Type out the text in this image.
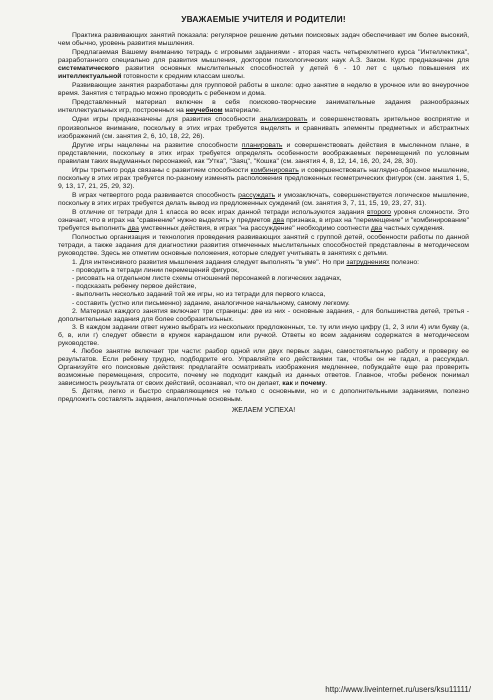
УВАЖАЕМЫЕ УЧИТЕЛЯ И РОДИТЕЛИ!

Практика развивающих занятий показала: регулярное решение детьми поисковых задач обеспечивает им более высокий, чем обычно, уровень развития мышления.

Предлагаемая Вашему вниманию тетрадь с игровыми заданиями - вторая часть четырехлетнего курса "Интеллектика", разработанного специально для развития мышления, доктором психологических наук А.З. Заком. Курс предназначен для систематического развития основных мыслительных способностей у детей 6 - 10 лет с целью повышения их интеллектуальной готовности к средним классам школы.

Развивающие занятия разработаны для групповой работы в школе: одно занятие в неделю в урочное или во внеурочное время. Занятия с тетрадью можно проводить с ребенком и дома.

Представленный материал включен в себя поисково-творческие занимательные задания разнообразных интеллектуальных игр, построенных на неучебном материале.

Одни игры предназначены для развития способности анализировать и совершенствовать зрительное восприятие и произвольное внимание, поскольку в этих играх требуется выделять и сравнивать элементы предметных и абстрактных изображений (см. занятия 2, 6, 10, 18, 22, 26).

Другие игры нацелены на развитие способности планировать и совершенствовать действия в мысленном плане, в представлении, поскольку в этих играх требуется определять особенности воображаемых перемещений по условным правилам таких выдуманных персонажей, как "Утка", "Заяц", "Кошка" (см. занятия 4, 8, 12, 14, 16, 20, 24, 28, 30).

Игры третьего рода связаны с развитием способности комбинировать и совершенствовать наглядно-образное мышление, поскольку в этих играх требуется по-разному изменять расположения предложенных геометрических фигурок (см. занятия 1, 5, 9, 13, 17, 21, 25, 29, 32).

В играх четвертого рода развивается способность рассуждать и умозаключать, совершенствуется логическое мышление, поскольку в этих играх требуется делать вывод из предложенных суждений (см. занятия 3, 7, 11, 15, 19, 23, 27, 31).

В отличие от тетради для 1 класса во всех играх данной тетради используются задания второго уровня сложности. Это означает, что в играх на "сравнение" нужно выделять у предметов два признака, в играх на "перемещение" и "комбинирование" требуется выполнить два умственных действия, в играх "на рассуждение" необходимо соотнести два частных суждения.

Полностью организация и технология проведения развивающих занятий с группой детей, особенности работы по данной тетради, а также задания для диагностики развития отмеченных мыслительных способностей представлены в методическом руководстве. Здесь же отметим основные положения, которые следует учитывать в занятиях с детьми.

1. Для интенсивного развития мышления задания следует выполнять "в уме". Но при затруднениях полезно:

- проводить в тетради линии перемещений фигурок,
- рисовать на отдельном листе схемы отношений персонажей в логических задачах,
- подсказать ребенку первое действие,
- выполнить несколько заданий той же игры, но из тетради для первого класса,
- составить (устно или письменно) задание, аналогичное начальному, самому легкому.

2. Материал каждого занятия включает три страницы: две из них - основные задания, - для большинства детей, третья - дополнительные задания для более сообразительных.

3. В каждом задании ответ нужно выбрать из нескольких предложенных, т.е. ту или иную цифру (1, 2, 3 или 4) или букву (а, б, в, или г) следует обвести в кружок карандашом или ручкой. Ответы ко всем заданиям содержатся в методическом руководстве.

4. Любое занятие включает три части: разбор одной или двух первых задач, самостоятельную работу и проверку ее результатов. Если ребенку трудно, подбодрите его. Управляйте его действиями так, чтобы он не гадал, а рассуждал. Организуйте его поисковые действия: предлагайте осматривать изображения медленнее, побуждайте еще раз проверить возможные перемещения, спросите, почему не подходит каждый из данных ответов. Главное, чтобы ребенок понимал зависимость результата от своих действий, осознавал, что он делает, как и почему.

5. Детям, легко и быстро справляющимся не только с основными, но и с дополнительными заданиями, полезно предложить составлять задания, аналогичные основным.

ЖЕЛАЕМ УСПЕХА!
http://www.liveinternet.ru/users/ksu11111/
